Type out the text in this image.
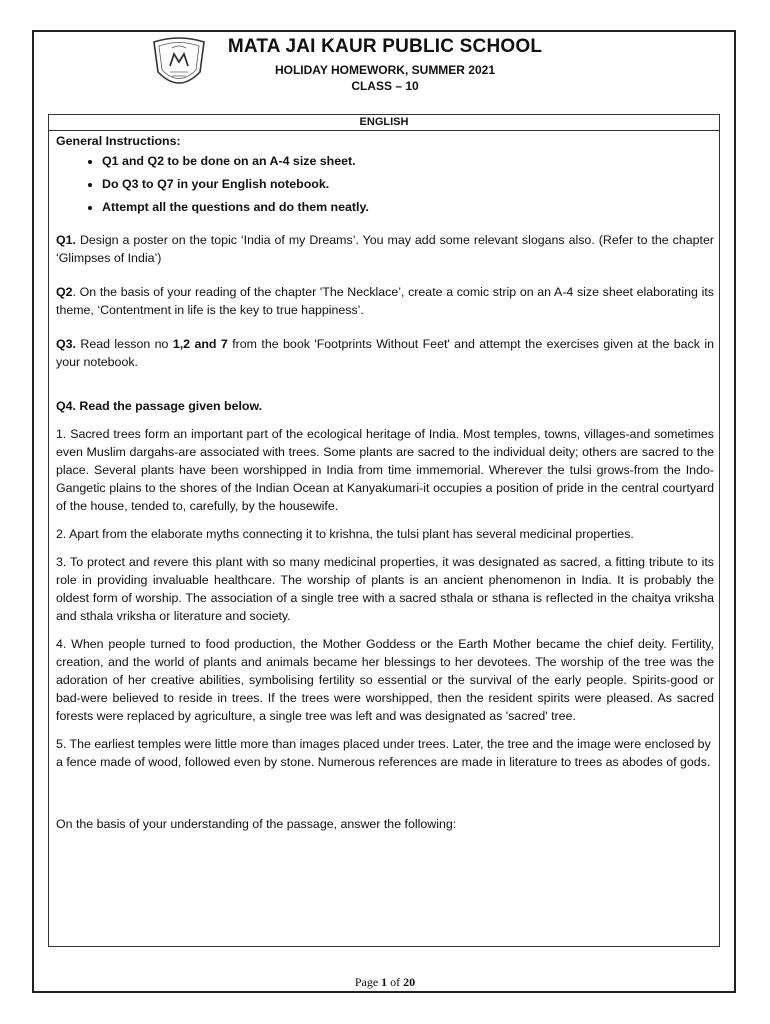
MATA JAI KAUR PUBLIC SCHOOL
HOLIDAY HOMEWORK, SUMMER 2021
CLASS – 10
ENGLISH

General Instructions:

• Q1 and Q2 to be done on an A-4 size sheet.
• Do Q3 to Q7 in your English notebook.
• Attempt all the questions and do them neatly.

Q1. Design a poster on the topic ‘India of my Dreams’. You may add some relevant slogans also. (Refer to the chapter ‘Glimpses of India’)

Q2. On the basis of your reading of the chapter 'The Necklace’, create a comic strip on an A-4 size sheet elaborating its theme, ‘Contentment in life is the key to true happiness’.

Q3. Read lesson no 1,2 and 7 from the book 'Footprints Without Feet' and attempt the exercises given at the back in your notebook.

Q4. Read the passage given below.

1. Sacred trees form an important part of the ecological heritage of India. Most temples, towns, villages-and sometimes even Muslim dargahs-are associated with trees. Some plants are sacred to the individual deity; others are sacred to the place. Several plants have been worshipped in India from time immemorial. Wherever the tulsi grows-from the Indo- Gangetic plains to the shores of the Indian Ocean at Kanyakumari-it occupies a position of pride in the central courtyard of the house, tended to, carefully, by the housewife.

2. Apart from the elaborate myths connecting it to krishna, the tulsi plant has several medicinal properties.

3. To protect and revere this plant with so many medicinal properties, it was designated as sacred, a fitting tribute to its role in providing invaluable healthcare. The worship of plants is an ancient phenomenon in India. It is probably the oldest form of worship. The association of a single tree with a sacred sthala or sthana is reflected in the chaitya vriksha and sthala vriksha or literature and society.

4. When people turned to food production, the Mother Goddess or the Earth Mother became the chief deity. Fertility, creation, and the world of plants and animals became her blessings to her devotees. The worship of the tree was the adoration of her creative abilities, symbolising fertility so essential or the survival of the early people. Spirits-good or bad-were believed to reside in trees. If the trees were worshipped, then the resident spirits were pleased. As sacred forests were replaced by agriculture, a single tree was left and was designated as 'sacred' tree.

5. The earliest temples were little more than images placed under trees. Later, the tree and the image were enclosed by a fence made of wood, followed even by stone. Numerous references are made in literature to trees as abodes of gods.

On the basis of your understanding of the passage, answer the following:

Page 1 of 20
